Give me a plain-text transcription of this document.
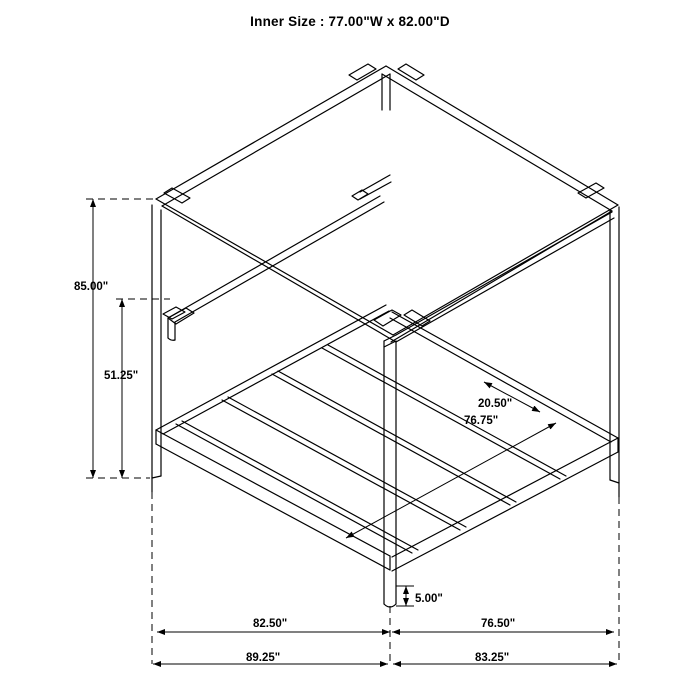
Inner Size : 77.00"W x 82.00"D
85.00"
51.25"
20.50"
76.75"
5.00"
82.50"	76.50"
89.25"	83.25"
